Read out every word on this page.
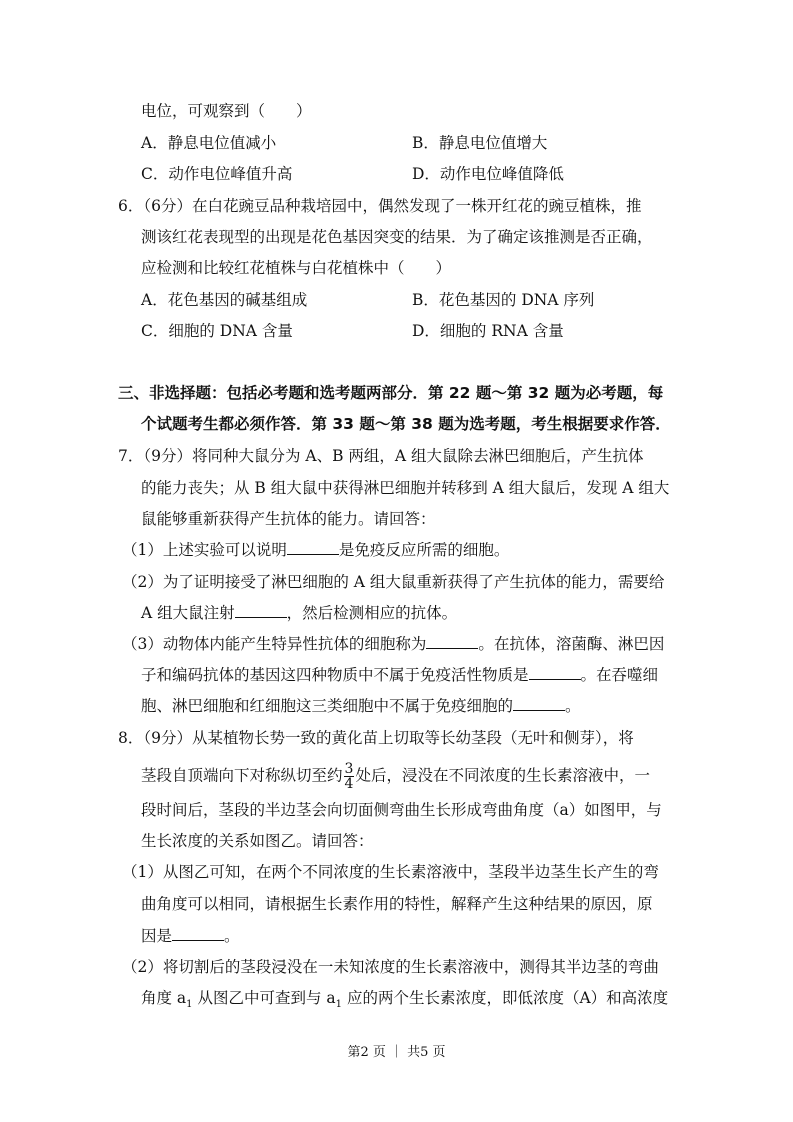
电位，可观察到（　　）
A．静息电位值减小	B．静息电位值增大
C．动作电位峰值升高	D．动作电位峰值降低
6．（6分）在白花豌豆品种栽培园中，偶然发现了一株开红花的豌豆植株，推
测该红花表现型的出现是花色基因突变的结果．为了确定该推测是否正确，
应检测和比较红花植株与白花植株中（　　）
A．花色基因的碱基组成	B．花色基因的 DNA 序列
C．细胞的 DNA 含量	D．细胞的 RNA 含量
三、非选择题：包括必考题和选考题两部分．第 22 题～第 32 题为必考题，每
个试题考生都必须作答．第 33 题～第 38 题为选考题，考生根据要求作答．
7．（9分）将同种大鼠分为 A、B 两组，A 组大鼠除去淋巴细胞后，产生抗体
的能力丧失；从 B 组大鼠中获得淋巴细胞并转移到 A 组大鼠后，发现 A 组大
鼠能够重新获得产生抗体的能力。请回答：
（1）上述实验可以说明	是免疫反应所需的细胞。
（2）为了证明接受了淋巴细胞的 A 组大鼠重新获得了产生抗体的能力，需要给
A 组大鼠注射	，然后检测相应的抗体。
（3）动物体内能产生特异性抗体的细胞称为	。在抗体，溶菌酶、淋巴因
子和编码抗体的基因这四种物质中不属于免疫活性物质是	。在吞噬细
胞、淋巴细胞和红细胞这三类细胞中不属于免疫细胞的	。
8．（9分）从某植物长势一致的黄化苗上切取等长幼茎段（无叶和侧芽），将
茎段自顶端向下对称纵切至约 $\frac{3}{4}$ 处后，浸没在不同浓度的生长素溶液中，一
段时间后，茎段的半边茎会向切面侧弯曲生长形成弯曲角度（a）如图甲，与
生长浓度的关系如图乙。请回答：
（1）从图乙可知，在两个不同浓度的生长素溶液中，茎段半边茎生长产生的弯
曲角度可以相同，请根据生长素作用的特性，解释产生这种结果的原因，原
因是	。
（2）将切割后的茎段浸没在一未知浓度的生长素溶液中，测得其半边茎的弯曲
角度 $a_1$ 从图乙中可查到与 $a_1$ 应的两个生长素浓度，即低浓度（A）和高浓度
第2 页 ｜ 共5 页
